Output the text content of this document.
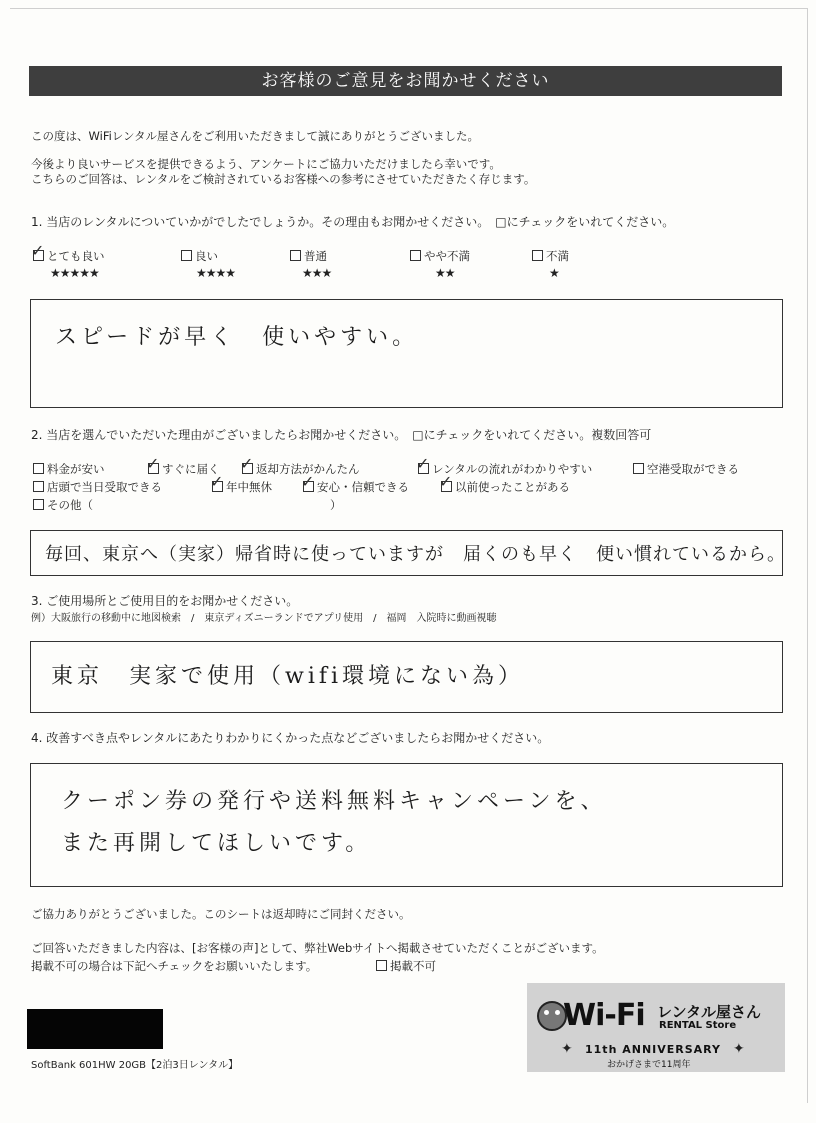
お客様のご意見をお聞かせください
この度は、WiFiレンタル屋さんをご利用いただきまして誠にありがとうございました。
今後より良いサービスを提供できるよう、アンケートにご協力いただけましたら幸いです。
こちらのご回答は、レンタルをご検討されているお客様への参考にさせていただきたく存じます。
1. 当店のレンタルについていかがでしたでしょうか。その理由もお聞かせください。　□にチェックをいれてください。
✓ とても良い
★★★★★
良い
★★★★
普通
★★★
やや不満
★★
不満
★
スピードが早く　使いやすい。
2. 当店を選んでいただいた理由がございましたらお聞かせください。　□にチェックをいれてください。複数回答可
料金が安い	✓ すぐに届く ✓ 返却方法がかんたん	✓ レンタルの流れがわかりやすい	空港受取ができる
店頭で当日受取できる	✓ 年中無休 ✓ 安心・信頼できる ✓ 以前使ったことがある
その他（	）
毎回、東京へ（実家）帰省時に使っていますが　届くのも早く　便い慣れているから。
3. ご使用場所とご使用目的をお聞かせください。
例）大阪旅行の移動中に地図検索　/　東京ディズニーランドでアプリ使用　/　福岡　入院時に動画視聴
東京　実家で使用（wifi環境にない為）
4. 改善すべき点やレンタルにあたりわかりにくかった点などございましたらお聞かせください。
クーポン券の発行や送料無料キャンペーンを、
また再開してほしいです。
ご協力ありがとうございました。このシートは返却時にご同封ください。
ご回答いただきました内容は、[お客様の声]として、弊社Webサイトへ掲載させていただくことがございます。
掲載不可の場合は下記へチェックをお願いいたします。	掲載不可
SoftBank 601HW 20GB【2泊3日レンタル】
Wi-Fi レンタル屋さん
RENTAL Store
✦ 11th ANNIVERSARY ✦
おかげさまで11周年
